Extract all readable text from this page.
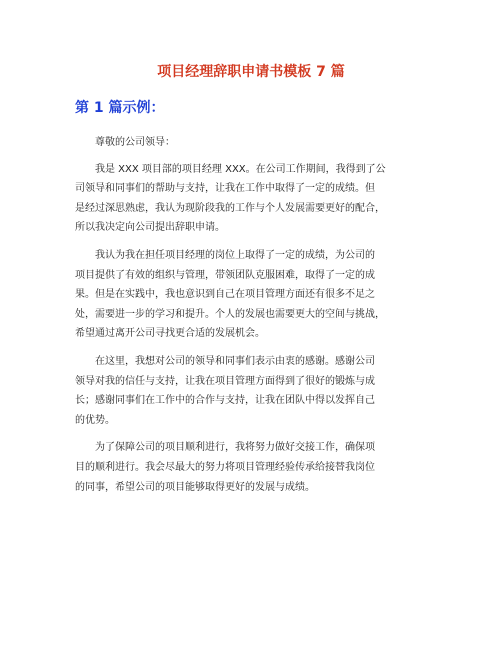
项目经理辞职申请书模板 7 篇
第 1 篇示例：

尊敬的公司领导：

我是 XXX 项目部的项目经理 XXX。在公司工作期间，我得到了公
司领导和同事们的帮助与支持，让我在工作中取得了一定的成绩。但
是经过深思熟虑，我认为现阶段我的工作与个人发展需要更好的配合，
所以我决定向公司提出辞职申请。
我认为我在担任项目经理的岗位上取得了一定的成绩，为公司的
项目提供了有效的组织与管理，带领团队克服困难，取得了一定的成
果。但是在实践中，我也意识到自己在项目管理方面还有很多不足之
处，需要进一步的学习和提升。个人的发展也需要更大的空间与挑战，
希望通过离开公司寻找更合适的发展机会。
在这里，我想对公司的领导和同事们表示由衷的感谢。感谢公司
领导对我的信任与支持，让我在项目管理方面得到了很好的锻炼与成
长；感谢同事们在工作中的合作与支持，让我在团队中得以发挥自己
的优势。
为了保障公司的项目顺利进行，我将努力做好交接工作，确保项
目的顺利进行。我会尽最大的努力将项目管理经验传承给接替我岗位
的同事，希望公司的项目能够取得更好的发展与成绩。
